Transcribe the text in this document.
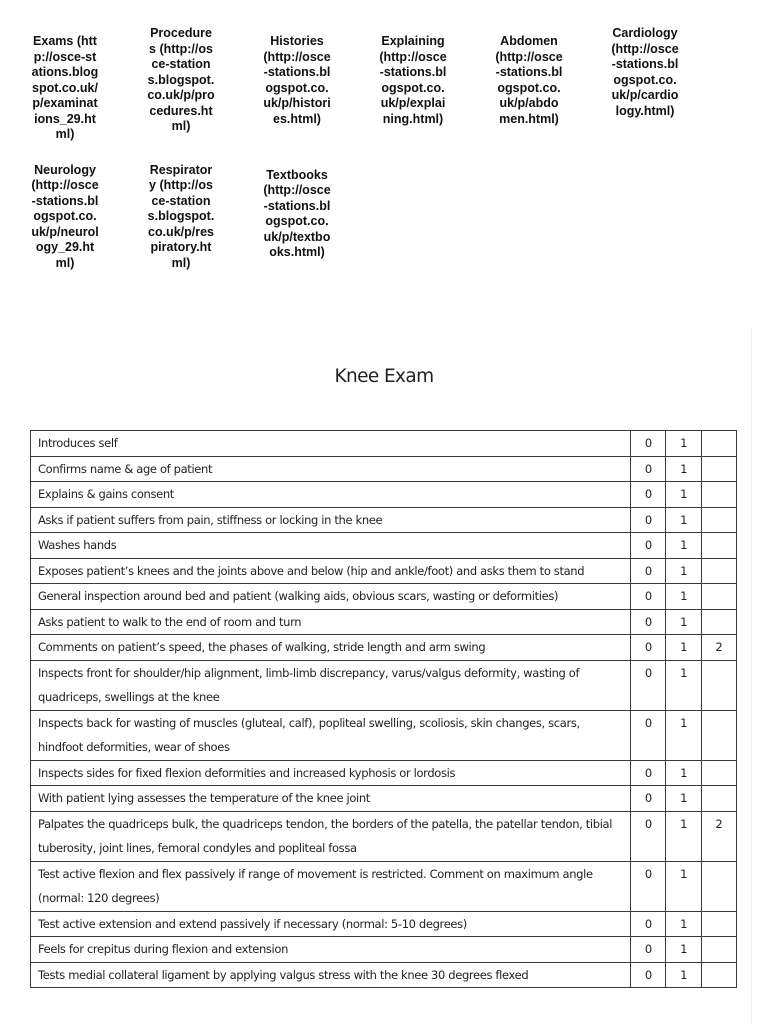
Exams (http://osce-stations.blogspot.co.uk/p/examinations_29.html)
Procedures (http://osce-stations.blogspot.co.uk/p/procedures.html)
Histories (http://osce-stations.blogspot.co.uk/p/histories.html)
Explaining (http://osce-stations.blogspot.co.uk/p/explaining.html)
Abdomen (http://osce-stations.blogspot.co.uk/p/abdomen.html)
Cardiology (http://osce-stations.blogspot.co.uk/p/cardiology.html)
Neurology (http://osce-stations.blogspot.co.uk/p/neurology_29.html)
Respiratory (http://osce-stations.blogspot.co.uk/p/respiratory.html)
Textbooks (http://osce-stations.blogspot.co.uk/p/textbooks.html)
Knee Exam
Introduces self	0	1	
Confirms name & age of patient	0	1	
Explains & gains consent	0	1	
Asks if patient suffers from pain, stiffness or locking in the knee	0	1	
Washes hands	0	1	
Exposes patient’s knees and the joints above and below (hip and ankle/foot) and asks them to stand	0	1	
General inspection around bed and patient (walking aids, obvious scars, wasting or deformities)	0	1	
Asks patient to walk to the end of room and turn	0	1	
Comments on patient’s speed, the phases of walking, stride length and arm swing	0	1	2
Inspects front for shoulder/hip alignment, limb-limb discrepancy, varus/valgus deformity, wasting of quadriceps, swellings at the knee	0	1	
Inspects back for wasting of muscles (gluteal, calf), popliteal swelling, scoliosis, skin changes, scars, hindfoot deformities, wear of shoes	0	1	
Inspects sides for fixed flexion deformities and increased kyphosis or lordosis	0	1	
With patient lying assesses the temperature of the knee joint	0	1	
Palpates the quadriceps bulk, the quadriceps tendon, the borders of the patella, the patellar tendon, tibial tuberosity, joint lines, femoral condyles and popliteal fossa	0	1	2
Test active flexion and flex passively if range of movement is restricted. Comment on maximum angle (normal: 120 degrees)	0	1	
Test active extension and extend passively if necessary (normal: 5-10 degrees)	0	1	
Feels for crepitus during flexion and extension	0	1	
Tests medial collateral ligament by applying valgus stress with the knee 30 degrees flexed	0	1	
